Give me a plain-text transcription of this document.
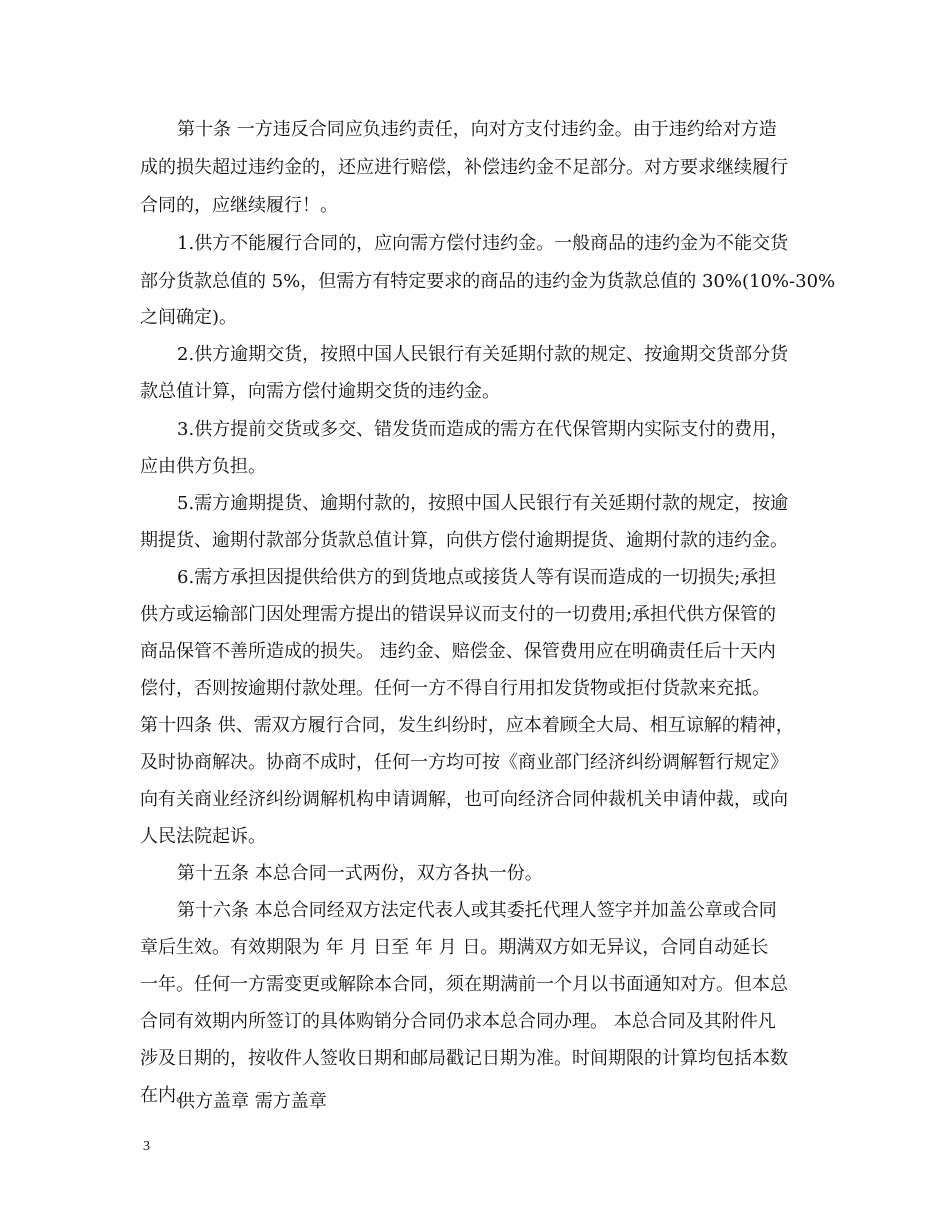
第十条 一方违反合同应负违约责任，向对方支付违约金。由于违约给对方造
成的损失超过违约金的，还应进行赔偿，补偿违约金不足部分。对方要求继续履行
合同的，应继续履行！。
1.供方不能履行合同的，应向需方偿付违约金。一般商品的违约金为不能交货
部分货款总值的 5%，但需方有特定要求的商品的违约金为货款总值的 30%(10%-30%
之间确定)。
2.供方逾期交货，按照中国人民银行有关延期付款的规定、按逾期交货部分货
款总值计算，向需方偿付逾期交货的违约金。
3.供方提前交货或多交、错发货而造成的需方在代保管期内实际支付的费用，
应由供方负担。
5.需方逾期提货、逾期付款的，按照中国人民银行有关延期付款的规定，按逾
期提货、逾期付款部分货款总值计算，向供方偿付逾期提货、逾期付款的违约金。
6.需方承担因提供给供方的到货地点或接货人等有误而造成的一切损失;承担
供方或运输部门因处理需方提出的错误异议而支付的一切费用;承担代供方保管的
商品保管不善所造成的损失。 违约金、赔偿金、保管费用应在明确责任后十天内
偿付，否则按逾期付款处理。任何一方不得自行用扣发货物或拒付货款来充抵。
第十四条 供、需双方履行合同，发生纠纷时，应本着顾全大局、相互谅解的精神，
及时协商解决。协商不成时，任何一方均可按《商业部门经济纠纷调解暂行规定》
向有关商业经济纠纷调解机构申请调解，也可向经济合同仲裁机关申请仲裁，或向
人民法院起诉。
第十五条 本总合同一式两份，双方各执一份。
第十六条 本总合同经双方法定代表人或其委托代理人签字并加盖公章或合同
章后生效。有效期限为 年 月 日至 年 月 日。期满双方如无异议，合同自动延长
一年。任何一方需变更或解除本合同，须在期满前一个月以书面通知对方。但本总
合同有效期内所签订的具体购销分合同仍求本总合同办理。 本总合同及其附件凡
涉及日期的，按收件人签收日期和邮局戳记日期为准。时间期限的计算均包括本数
在内。
供方盖章 需方盖章
3
